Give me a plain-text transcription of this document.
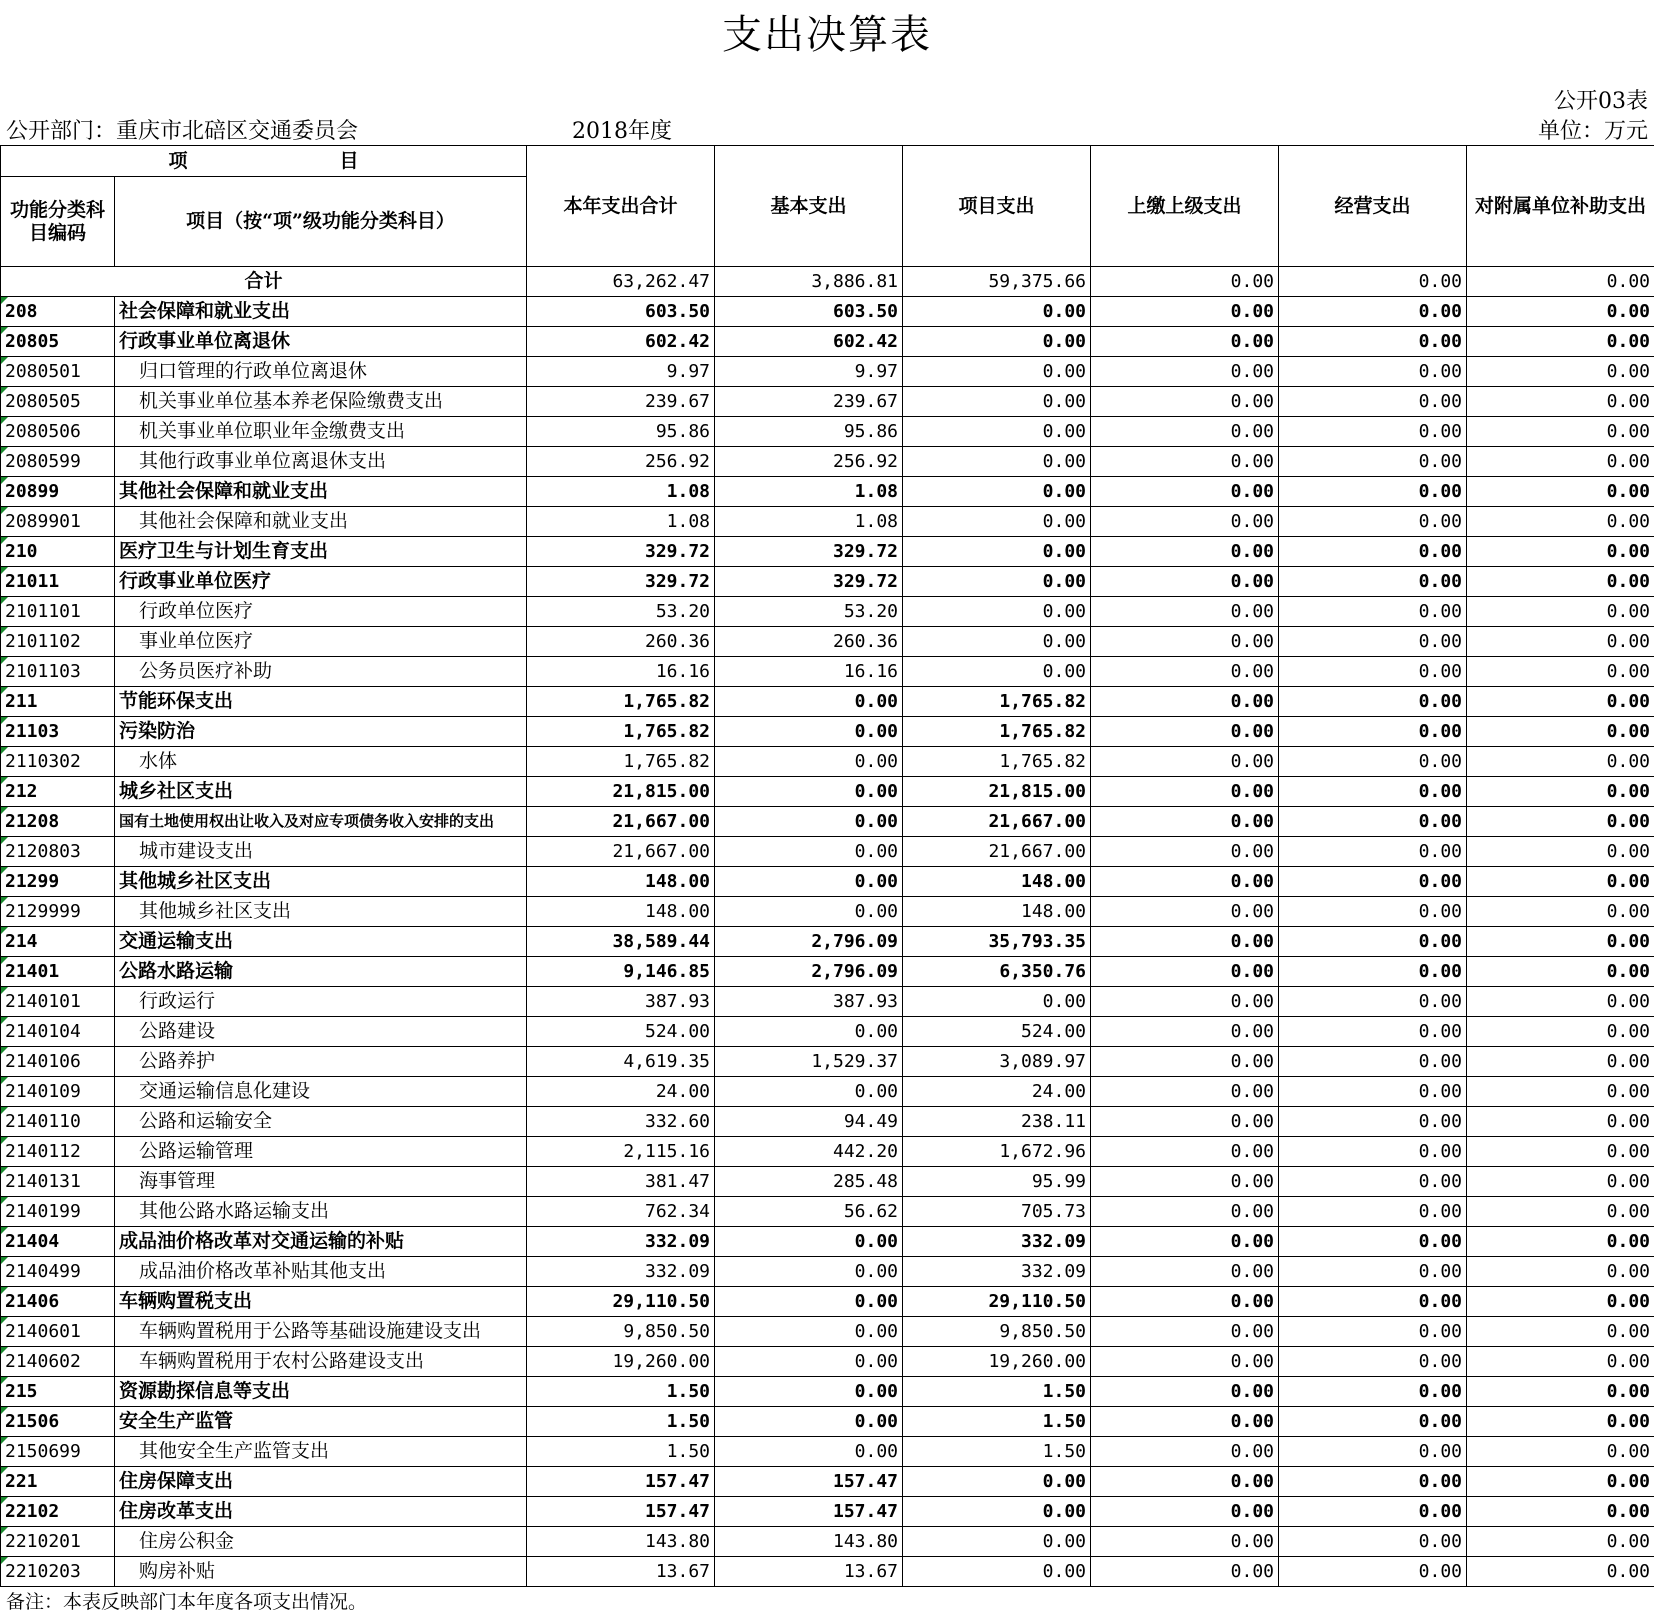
支出决算表
公开03表
公开部门：重庆市北碚区交通委员会	2018年度	单位：万元
项　　　　　　　　目		本年支出合计	基本支出	项目支出	上缴上级支出	经营支出	对附属单位补助支出
功能分类科目编码	项目（按“项”级功能分类科目）						
合计		63,262.47	3,886.81	59,375.66	0.00	0.00	0.00
208	社会保障和就业支出	603.50	603.50	0.00	0.00	0.00	0.00
20805	行政事业单位离退休	602.42	602.42	0.00	0.00	0.00	0.00
2080501	归口管理的行政单位离退休	9.97	9.97	0.00	0.00	0.00	0.00
2080505	机关事业单位基本养老保险缴费支出	239.67	239.67	0.00	0.00	0.00	0.00
2080506	机关事业单位职业年金缴费支出	95.86	95.86	0.00	0.00	0.00	0.00
2080599	其他行政事业单位离退休支出	256.92	256.92	0.00	0.00	0.00	0.00
20899	其他社会保障和就业支出	1.08	1.08	0.00	0.00	0.00	0.00
2089901	其他社会保障和就业支出	1.08	1.08	0.00	0.00	0.00	0.00
210	医疗卫生与计划生育支出	329.72	329.72	0.00	0.00	0.00	0.00
21011	行政事业单位医疗	329.72	329.72	0.00	0.00	0.00	0.00
2101101	行政单位医疗	53.20	53.20	0.00	0.00	0.00	0.00
2101102	事业单位医疗	260.36	260.36	0.00	0.00	0.00	0.00
2101103	公务员医疗补助	16.16	16.16	0.00	0.00	0.00	0.00
211	节能环保支出	1,765.82	0.00	1,765.82	0.00	0.00	0.00
21103	污染防治	1,765.82	0.00	1,765.82	0.00	0.00	0.00
2110302	水体	1,765.82	0.00	1,765.82	0.00	0.00	0.00
212	城乡社区支出	21,815.00	0.00	21,815.00	0.00	0.00	0.00
21208	国有土地使用权出让收入及对应专项债务收入安排的支出	21,667.00	0.00	21,667.00	0.00	0.00	0.00
2120803	城市建设支出	21,667.00	0.00	21,667.00	0.00	0.00	0.00
21299	其他城乡社区支出	148.00	0.00	148.00	0.00	0.00	0.00
2129999	其他城乡社区支出	148.00	0.00	148.00	0.00	0.00	0.00
214	交通运输支出	38,589.44	2,796.09	35,793.35	0.00	0.00	0.00
21401	公路水路运输	9,146.85	2,796.09	6,350.76	0.00	0.00	0.00
2140101	行政运行	387.93	387.93	0.00	0.00	0.00	0.00
2140104	公路建设	524.00	0.00	524.00	0.00	0.00	0.00
2140106	公路养护	4,619.35	1,529.37	3,089.97	0.00	0.00	0.00
2140109	交通运输信息化建设	24.00	0.00	24.00	0.00	0.00	0.00
2140110	公路和运输安全	332.60	94.49	238.11	0.00	0.00	0.00
2140112	公路运输管理	2,115.16	442.20	1,672.96	0.00	0.00	0.00
2140131	海事管理	381.47	285.48	95.99	0.00	0.00	0.00
2140199	其他公路水路运输支出	762.34	56.62	705.73	0.00	0.00	0.00
21404	成品油价格改革对交通运输的补贴	332.09	0.00	332.09	0.00	0.00	0.00
2140499	成品油价格改革补贴其他支出	332.09	0.00	332.09	0.00	0.00	0.00
21406	车辆购置税支出	29,110.50	0.00	29,110.50	0.00	0.00	0.00
2140601	车辆购置税用于公路等基础设施建设支出	9,850.50	0.00	9,850.50	0.00	0.00	0.00
2140602	车辆购置税用于农村公路建设支出	19,260.00	0.00	19,260.00	0.00	0.00	0.00
215	资源勘探信息等支出	1.50	0.00	1.50	0.00	0.00	0.00
21506	安全生产监管	1.50	0.00	1.50	0.00	0.00	0.00
2150699	其他安全生产监管支出	1.50	0.00	1.50	0.00	0.00	0.00
221	住房保障支出	157.47	157.47	0.00	0.00	0.00	0.00
22102	住房改革支出	157.47	157.47	0.00	0.00	0.00	0.00
2210201	住房公积金	143.80	143.80	0.00	0.00	0.00	0.00
2210203	购房补贴	13.67	13.67	0.00	0.00	0.00	0.00
备注：本表反映部门本年度各项支出情况。
